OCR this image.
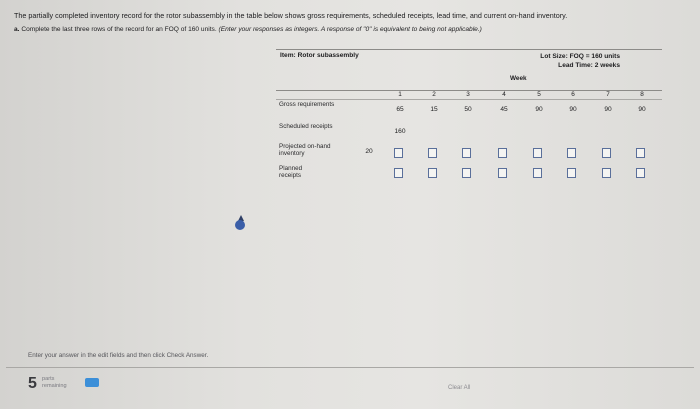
The partially completed inventory record for the rotor subassembly in the table below shows gross requirements, scheduled receipts, lead time, and current on-hand inventory.
a. Complete the last three rows of the record for an FOQ of 160 units. (Enter your responses as integers. A response of "0" is equivalent to being not applicable.)
Item: Rotor subassembly	Lot Size: FOQ = 160 units
Lead Time: 2 weeks
Week
1	2	3	4	5	6	7	8
Gross requirements
65	15	50	45	90	90	90	90
Scheduled receipts
160
Projected on-hand inventory	20
Planned receipts
Enter your answer in the edit fields and then click Check Answer.
5 parts
remaining	Clear All
